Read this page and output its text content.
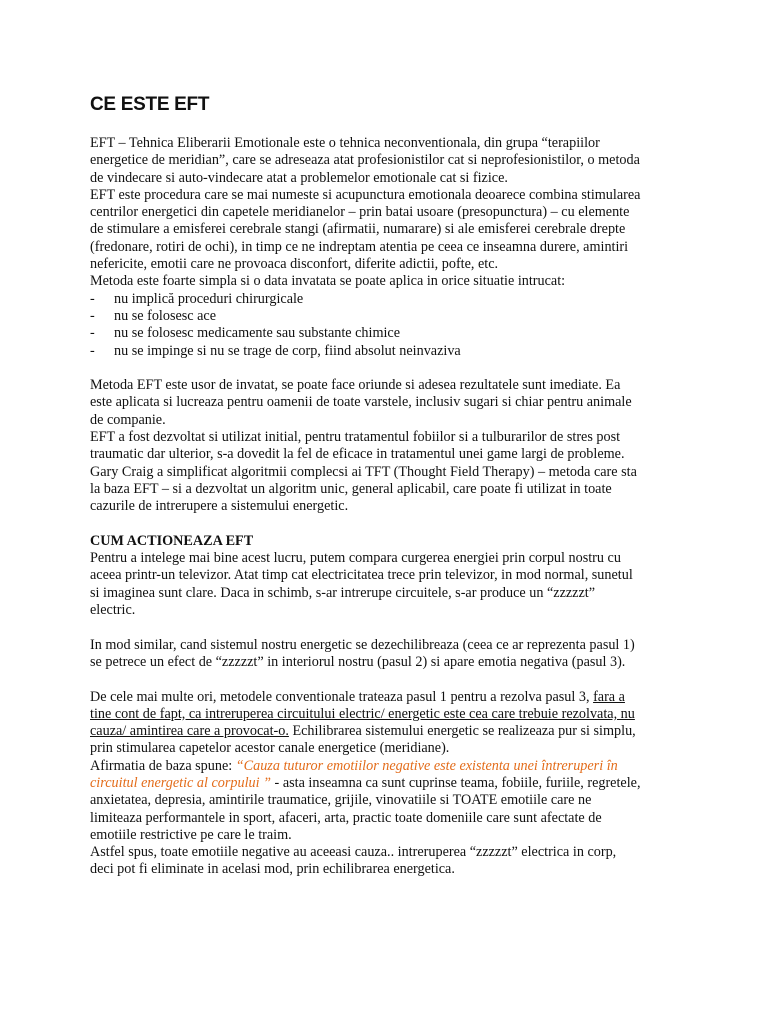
CE ESTE EFT
EFT – Tehnica Eliberarii Emotionale este o tehnica neconventionala, din grupa “terapiilor
energetice de meridian”, care se adreseaza atat profesionistilor cat si neprofesionistilor, o metoda
de vindecare si auto-vindecare atat a problemelor emotionale cat si fizice.
EFT este procedura care se mai numeste si acupunctura emotionala deoarece combina stimularea
centrilor energetici din capetele meridianelor – prin batai usoare (presopunctura) – cu elemente
de stimulare a emisferei cerebrale stangi (afirmatii, numarare) si ale emisferei cerebrale drepte
(fredonare, rotiri de ochi), in timp ce ne indreptam atentia pe ceea ce inseamna durere, amintiri
nefericite, emotii care ne provoaca disconfort, diferite adictii, pofte, etc.
Metoda este foarte simpla si o data invatata se poate aplica in orice situatie intrucat:
-	nu implică proceduri chirurgicale
-	nu se folosesc ace
-	nu se folosesc medicamente sau substante chimice
-	nu se impinge si nu se trage de corp, fiind absolut neinvaziva
Metoda EFT este usor de invatat, se poate face oriunde si adesea rezultatele sunt imediate. Ea
este aplicata si lucreaza pentru oamenii de toate varstele, inclusiv sugari si chiar pentru animale
de companie.
EFT a fost dezvoltat si utilizat initial, pentru tratamentul fobiilor si a tulburarilor de stres post
traumatic dar ulterior, s-a dovedit la fel de eficace in tratamentul unei game largi de probleme.
Gary Craig a simplificat algoritmii complecsi ai TFT (Thought Field Therapy) – metoda care sta
la baza EFT – si a dezvoltat un algoritm unic, general aplicabil, care poate fi utilizat in toate
cazurile de intrerupere a sistemului energetic.
CUM ACTIONEAZA EFT
Pentru a intelege mai bine acest lucru, putem compara curgerea energiei prin corpul nostru cu
aceea printr-un televizor. Atat timp cat electricitatea trece prin televizor, in mod normal, sunetul
si imaginea sunt clare. Daca in schimb, s-ar intrerupe circuitele, s-ar produce un “zzzzzt”
electric.
In mod similar, cand sistemul nostru energetic se dezechilibreaza (ceea ce ar reprezenta pasul 1)
se petrece un efect de “zzzzzt” in interiorul nostru (pasul 2) si apare emotia negativa (pasul 3).
De cele mai multe ori, metodele conventionale trateaza pasul 1 pentru a rezolva pasul 3, fara a
tine cont de fapt, ca intreruperea circuitului electric/ energetic este cea care trebuie rezolvata, nu
cauza/ amintirea care a provocat-o. Echilibrarea sistemului energetic se realizeaza pur si simplu,
prin stimularea capetelor acestor canale energetice (meridiane).
Afirmatia de baza spune: “Cauza tuturor emotiilor negative este existenta unei întreruperi în
circuitul energetic al corpului ” - asta inseamna ca sunt cuprinse teama, fobiile, furiile, regretele,
anxietatea, depresia, amintirile traumatice, grijile, vinovatiile si TOATE emotiile care ne
limiteaza performantele in sport, afaceri, arta, practic toate domeniile care sunt afectate de
emotiile restrictive pe care le traim.
Astfel spus, toate emotiile negative au aceeasi cauza.. intreruperea “zzzzzt” electrica in corp,
deci pot fi eliminate in acelasi mod, prin echilibrarea energetica.
